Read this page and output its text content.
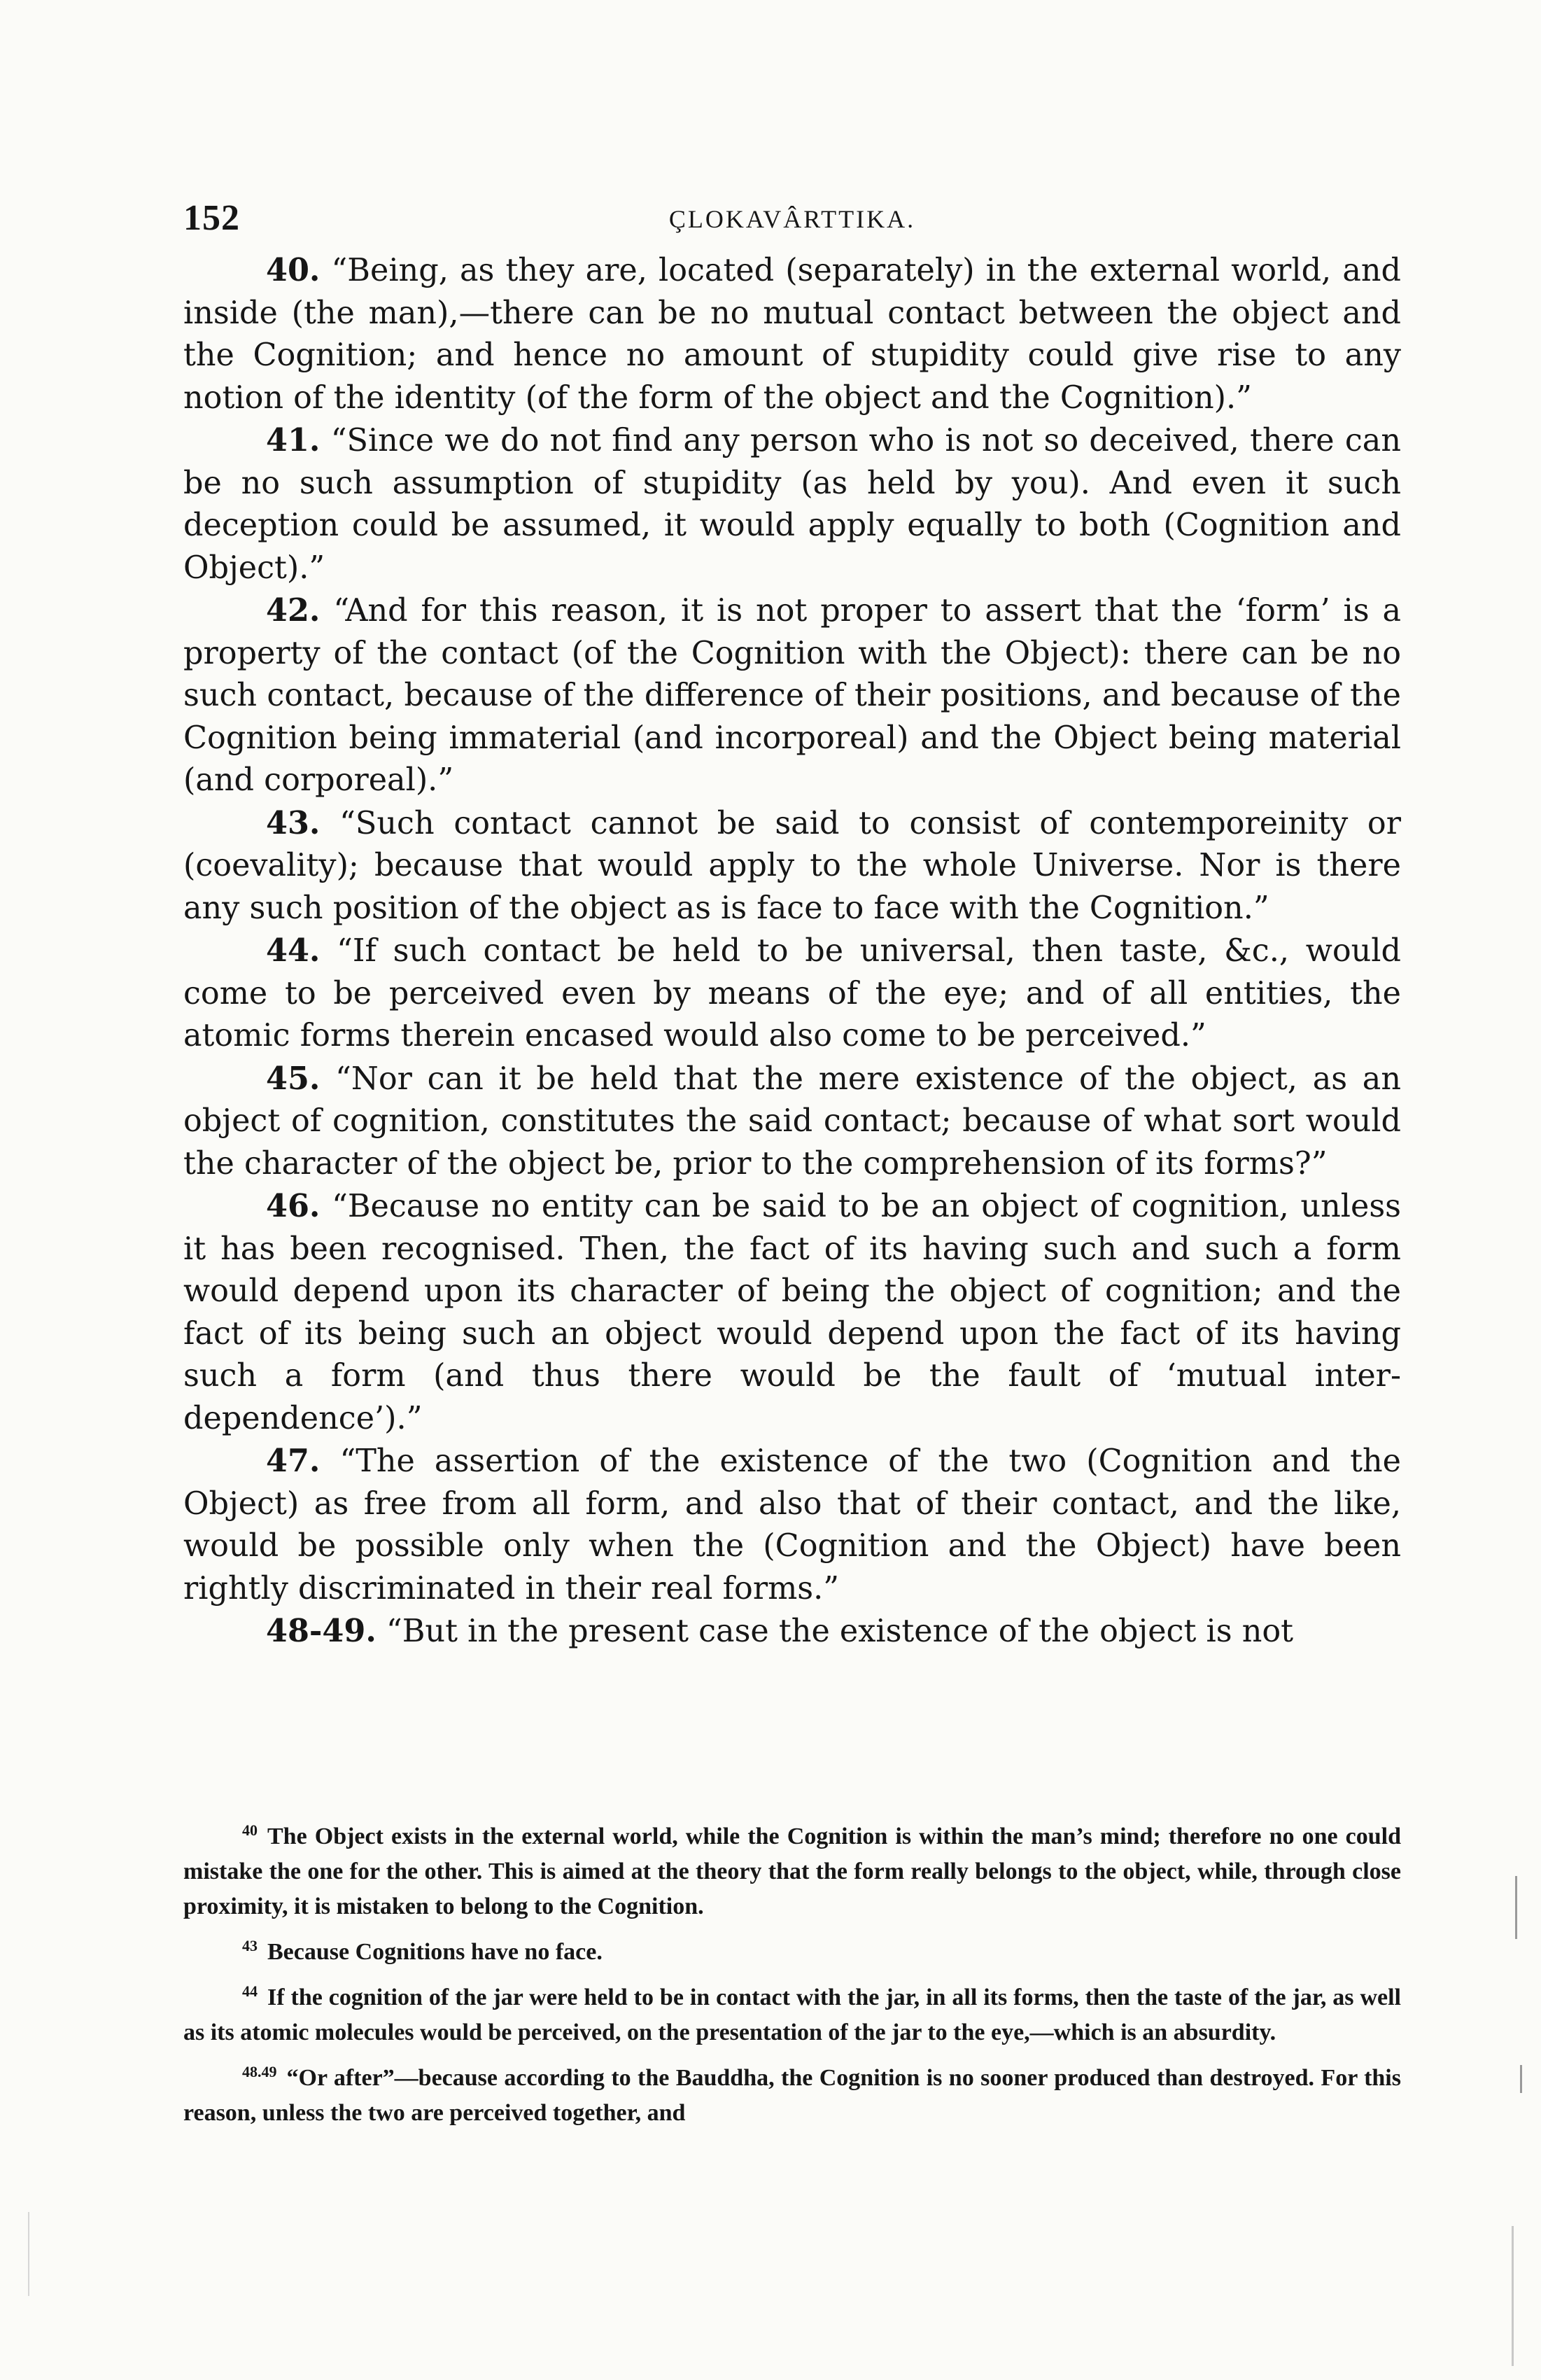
152	ÇLOKAVÂRTTIKA.

40. “Being, as they are, located (separately) in the external world, and inside (the man),—there can be no mutual contact between the object and the Cognition; and hence no amount of stupidity could give rise to any notion of the identity (of the form of the object and the Cognition).”

41. “Since we do not find any person who is not so deceived, there can be no such assumption of stupidity (as held by you). And even it such deception could be assumed, it would apply equally to both (Cognition and Object).”

42. “And for this reason, it is not proper to assert that the ‘form’ is a property of the contact (of the Cognition with the Object): there can be no such contact, because of the difference of their positions, and because of the Cognition being immaterial (and incorporeal) and the Object being material (and corporeal).”

43. “Such contact cannot be said to consist of contemporeinity or (coevality); because that would apply to the whole Universe. Nor is there any such position of the object as is face to face with the Cognition.”

44. “If such contact be held to be universal, then taste, &c., would come to be perceived even by means of the eye; and of all entities, the atomic forms therein encased would also come to be perceived.”

45. “Nor can it be held that the mere existence of the object, as an object of cognition, constitutes the said contact; because of what sort would the character of the object be, prior to the comprehension of its forms?”

46. “Because no entity can be said to be an object of cognition, unless it has been recognised. Then, the fact of its having such and such a form would depend upon its character of being the object of cognition; and the fact of its being such an object would depend upon the fact of its having such a form (and thus there would be the fault of ‘mutual inter-dependence’).”

47. “The assertion of the existence of the two (Cognition and the Object) as free from all form, and also that of their contact, and the like, would be possible only when the (Cognition and the Object) have been rightly discriminated in their real forms.”

48-49. “But in the present case the existence of the object is not

$^{40}$ The Object exists in the external world, while the Cognition is within the man’s mind; therefore no one could mistake the one for the other. This is aimed at the theory that the form really belongs to the object, while, through close proximity, it is mistaken to belong to the Cognition.

$^{43}$ Because Cognitions have no face.

$^{44}$ If the cognition of the jar were held to be in contact with the jar, in all its forms, then the taste of the jar, as well as its atomic molecules would be perceived, on the presentation of the jar to the eye,—which is an absurdity.

$^{48.49}$ “Or after”—because according to the Bauddha, the Cognition is no sooner produced than destroyed. For this reason, unless the two are perceived together, and
